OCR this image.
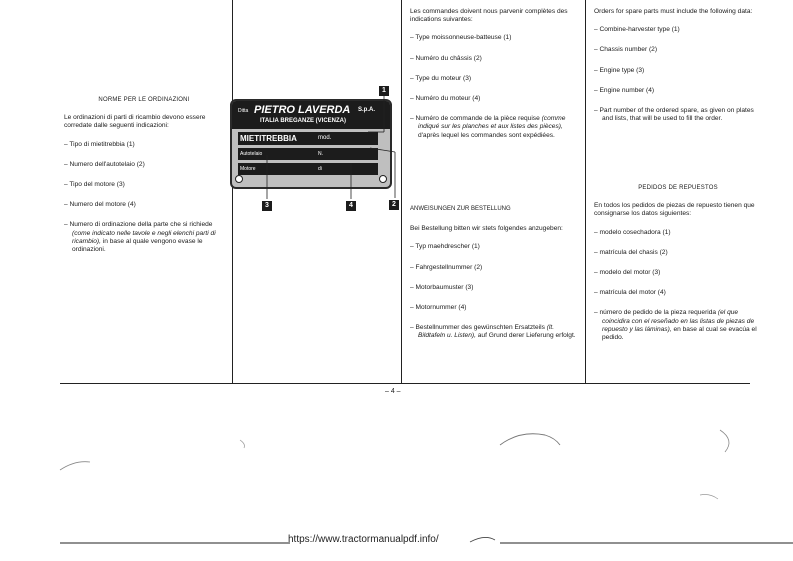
NORME PER LE ORDINAZIONI

Le ordinazioni di parti di ricambio devono essere corredate dalle seguenti indicazioni:

– Tipo di mietitrebbia (1)
– Numero dell'autotelaio (2)
– Tipo del motore (3)
– Numero del motore (4)
– Numero di ordinazione della parte che si richiede (come indicato nelle tavole e negli elenchi parti di ricambio), in base al quale vengono evase le ordinazioni.
Ditta PIETRO LAVERDA S.p.A.
ITALIA BREGANZE (VICENZA)
MIETITREBBIA	mod.
Autotelaio	N.
Motore	di
1
2
3	4

Les commandes doivent nous parvenir complètes des indications suivantes:

– Type moissonneuse-batteuse (1)
– Numéro du châssis (2)
– Type du moteur (3)
– Numéro du moteur (4)
– Numéro de commande de la pièce requise (comme indiqué sur les planches et aux listes des pièces), d'après lequel les commandes sont expédiées.

ANWEISUNGEN ZUR BESTELLUNG

Bei Bestellung bitten wir stets folgendes anzugeben:

– Typ maehdrescher (1)
– Fahrgestellnummer (2)
– Motorbaumuster (3)
– Motornummer (4)
– Bestellnummer des gewünschten Ersatzteils (lt. Bildtafeln u. Listen), auf Grund derer Lieferung erfolgt.

Orders for spare parts must include the following data:

– Combine-harvester type (1)
– Chassis number (2)
– Engine type (3)
– Engine number (4)
– Part number of the ordered spare, as given on plates and lists, that will be used to fill the order.

PEDIDOS DE REPUESTOS

En todos los pedidos de piezas de repuesto tienen que consignarse los datos siguientes:

– modelo cosechadora (1)
– matrícula del chasis (2)
– modelo del motor (3)
– matrícula del motor (4)
– número de pedido de la pieza requerida (el que coincidira con el reseñado en las listas de piezas de repuesto y las láminas), en base al cual se evacúa el pedido.
– 4 –
https://www.tractormanualpdf.info/
